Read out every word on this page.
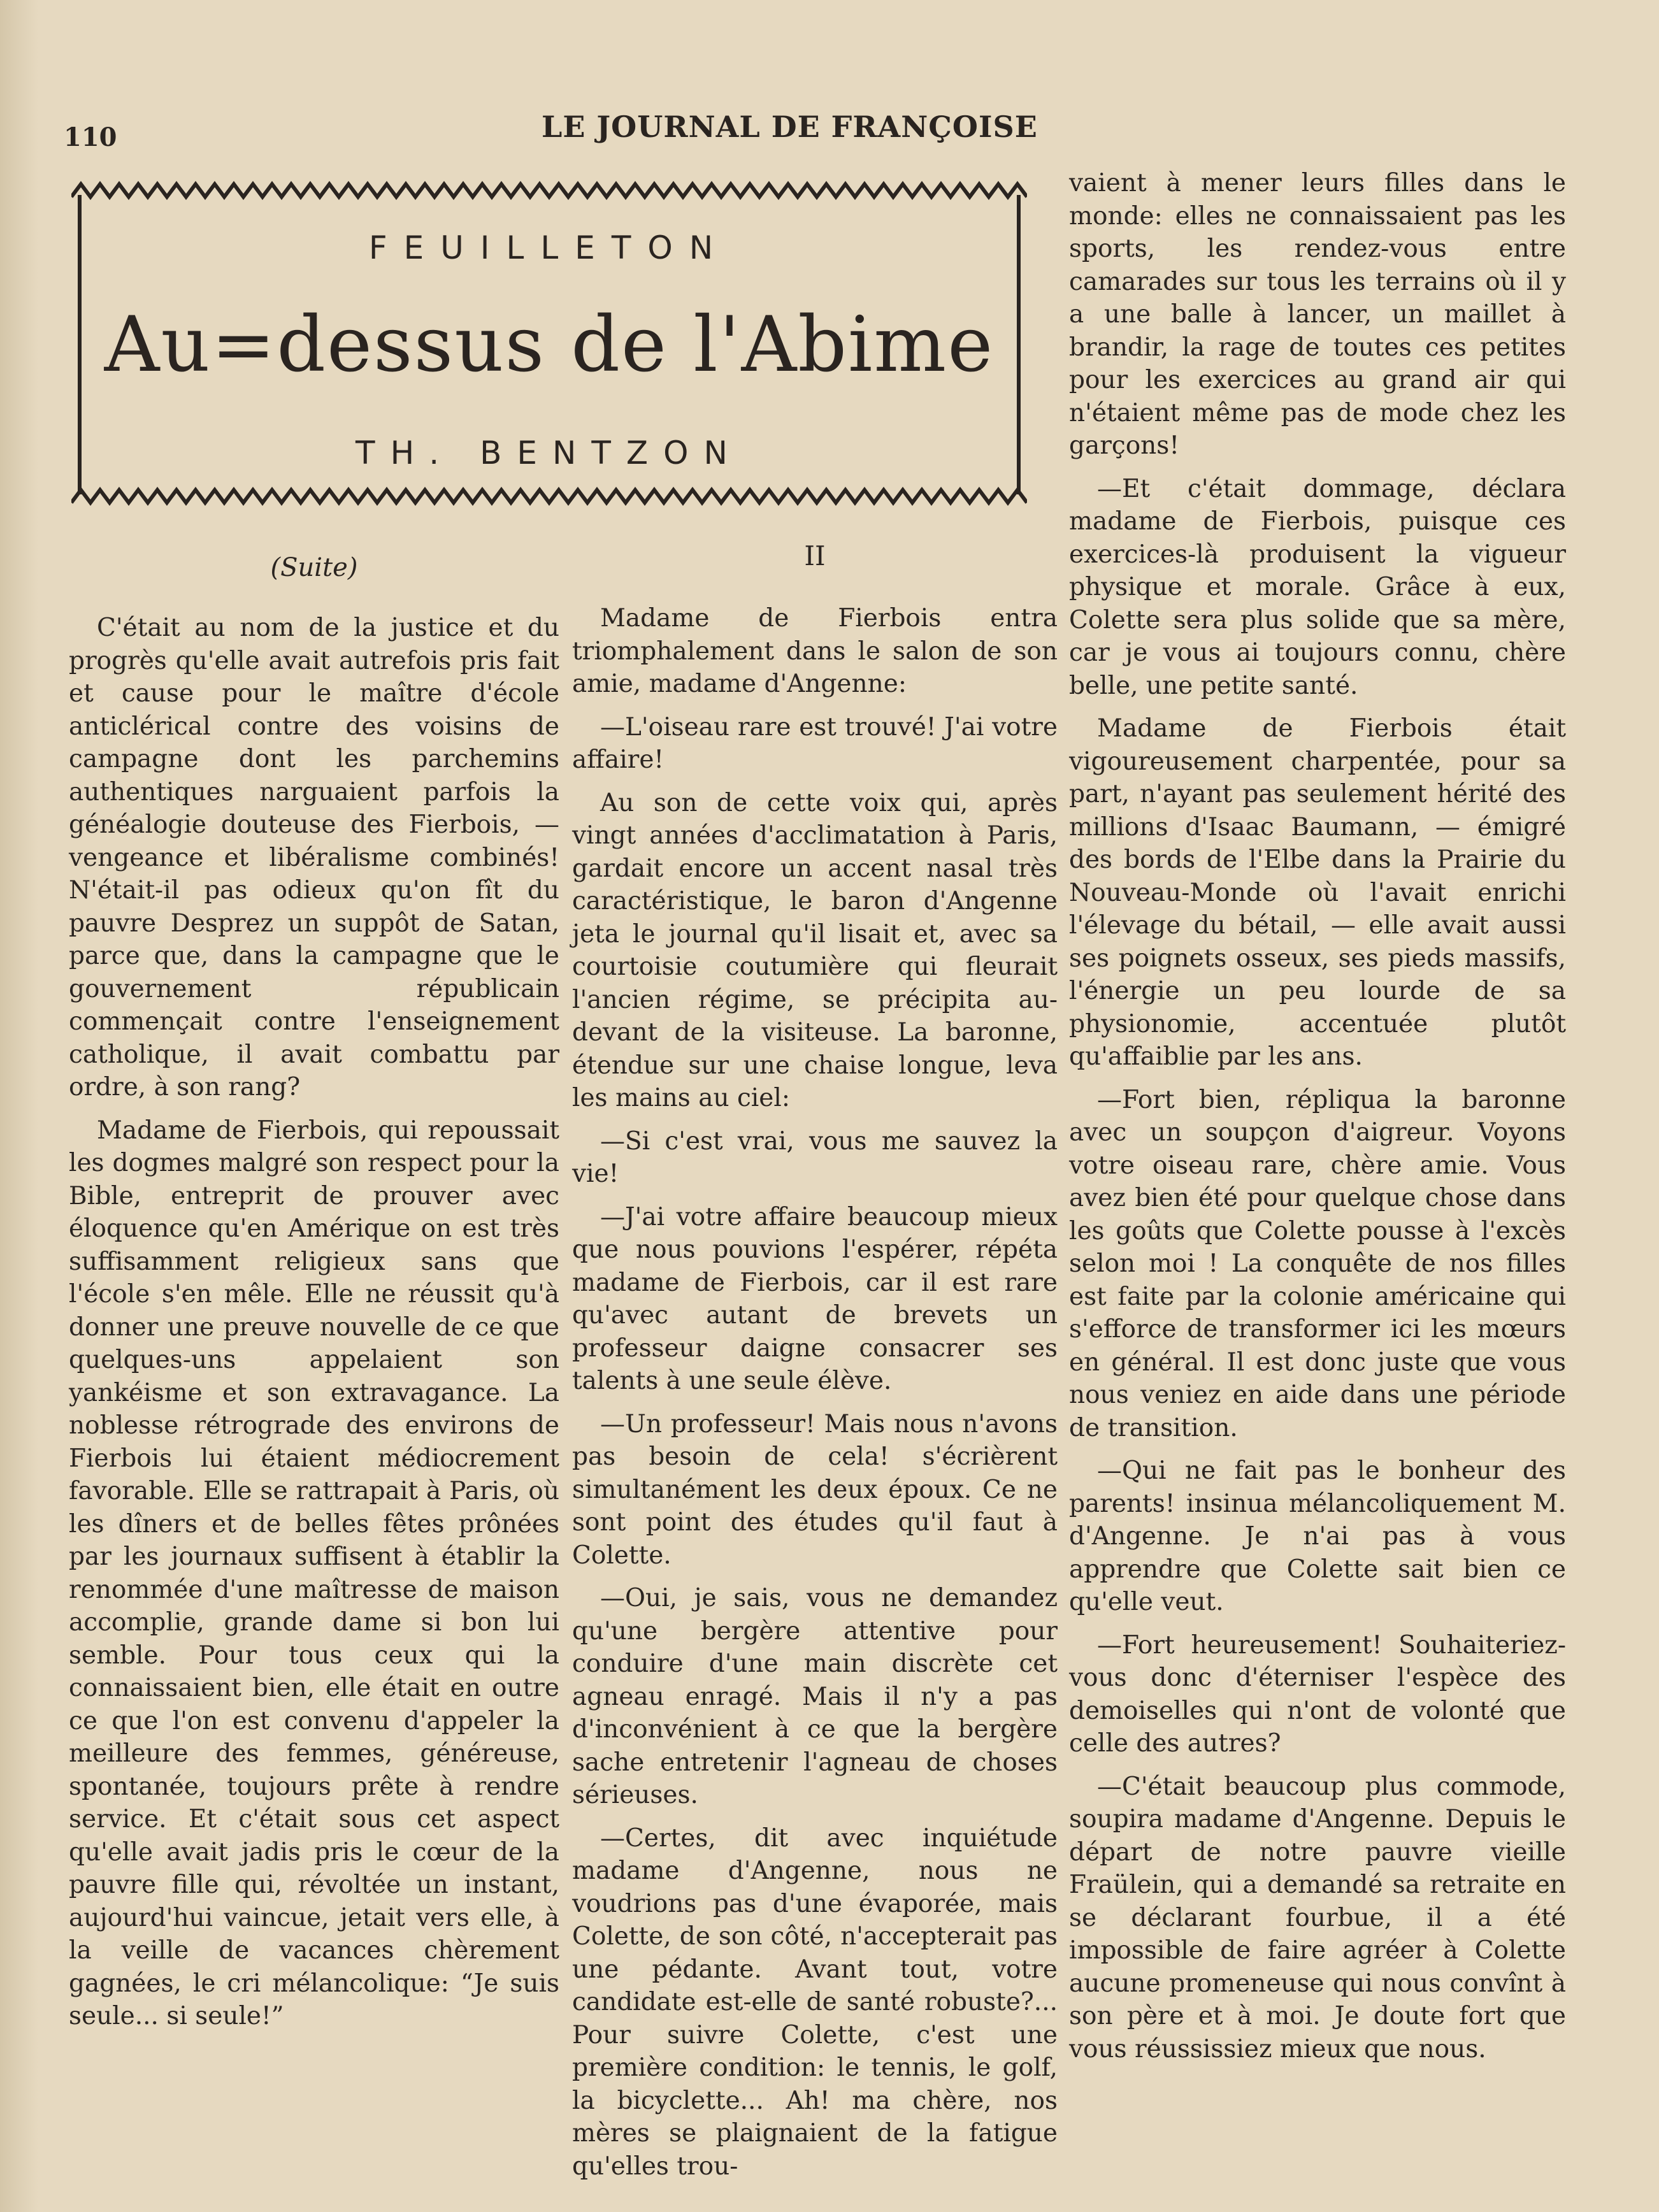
110	LE JOURNAL DE FRANÇOISE
FEUILLETON
Au=dessus de l'Abime
TH. BENTZON
(Suite)

C'était au nom de la justice et du progrès qu'elle avait autrefois pris fait et cause pour le maître d'école anticlérical contre des voisins de campagne dont les parchemins authentiques narguaient parfois la généalogie douteuse des Fierbois, — vengeance et libéralisme combinés! N'était-il pas odieux qu'on fît du pauvre Desprez un suppôt de Satan, parce que, dans la campagne que le gouvernement républicain commençait contre l'enseignement catholique, il avait combattu par ordre, à son rang?

Madame de Fierbois, qui repoussait les dogmes malgré son respect pour la Bible, entreprit de prouver avec éloquence qu'en Amérique on est très suffisamment religieux sans que l'école s'en mêle. Elle ne réussit qu'à donner une preuve nouvelle de ce que quelques-uns appelaient son yankéisme et son extravagance. La noblesse rétrograde des environs de Fierbois lui étaient médiocrement favorable. Elle se rattrapait à Paris, où les dîners et de belles fêtes prônées par les journaux suffisent à établir la renommée d'une maîtresse de maison accomplie, grande dame si bon lui semble. Pour tous ceux qui la connaissaient bien, elle était en outre ce que l'on est convenu d'appeler la meilleure des femmes, généreuse, spontanée, toujours prête à rendre service. Et c'était sous cet aspect qu'elle avait jadis pris le cœur de la pauvre fille qui, révoltée un instant, aujourd'hui vaincue, jetait vers elle, à la veille de vacances chèrement gagnées, le cri mélancolique: “Je suis seule... si seule!”

II

Madame de Fierbois entra triomphalement dans le salon de son amie, madame d'Angenne:

—L'oiseau rare est trouvé! J'ai votre affaire!

Au son de cette voix qui, après vingt années d'acclimatation à Paris, gardait encore un accent nasal très caractéristique, le baron d'Angenne jeta le journal qu'il lisait et, avec sa courtoisie coutumière qui fleurait l'ancien régime, se précipita au-devant de la visiteuse. La baronne, étendue sur une chaise longue, leva les mains au ciel:

—Si c'est vrai, vous me sauvez la vie!

—J'ai votre affaire beaucoup mieux que nous pouvions l'espérer, répéta madame de Fierbois, car il est rare qu'avec autant de brevets un professeur daigne consacrer ses talents à une seule élève.

—Un professeur! Mais nous n'avons pas besoin de cela! s'écrièrent simultanément les deux époux. Ce ne sont point des études qu'il faut à Colette.

—Oui, je sais, vous ne demandez qu'une bergère attentive pour conduire d'une main discrète cet agneau enragé. Mais il n'y a pas d'inconvénient à ce que la bergère sache entretenir l'agneau de choses sérieuses.

—Certes, dit avec inquiétude madame d'Angenne, nous ne voudrions pas d'une évaporée, mais Colette, de son côté, n'accepterait pas une pédante. Avant tout, votre candidate est-elle de santé robuste?... Pour suivre Colette, c'est une première condition: le tennis, le golf, la bicyclette... Ah! ma chère, nos mères se plaignaient de la fatigue qu'elles trou-

vaient à mener leurs filles dans le monde: elles ne connaissaient pas les sports, les rendez-vous entre camarades sur tous les terrains où il y a une balle à lancer, un maillet à brandir, la rage de toutes ces petites pour les exercices au grand air qui n'étaient même pas de mode chez les garçons!

—Et c'était dommage, déclara madame de Fierbois, puisque ces exercices-là produisent la vigueur physique et morale. Grâce à eux, Colette sera plus solide que sa mère, car je vous ai toujours connu, chère belle, une petite santé.

Madame de Fierbois était vigoureusement charpentée, pour sa part, n'ayant pas seulement hérité des millions d'Isaac Baumann, — émigré des bords de l'Elbe dans la Prairie du Nouveau-Monde où l'avait enrichi l'élevage du bétail, — elle avait aussi ses poignets osseux, ses pieds massifs, l'énergie un peu lourde de sa physionomie, accentuée plutôt qu'affaiblie par les ans.

—Fort bien, répliqua la baronne avec un soupçon d'aigreur. Voyons votre oiseau rare, chère amie. Vous avez bien été pour quelque chose dans les goûts que Colette pousse à l'excès selon moi ! La conquête de nos filles est faite par la colonie américaine qui s'efforce de transformer ici les mœurs en général. Il est donc juste que vous nous veniez en aide dans une période de transition.

—Qui ne fait pas le bonheur des parents! insinua mélancoliquement M. d'Angenne. Je n'ai pas à vous apprendre que Colette sait bien ce qu'elle veut.

—Fort heureusement! Souhaiteriez-vous donc d'éterniser l'espèce des demoiselles qui n'ont de volonté que celle des autres?

—C'était beaucoup plus commode, soupira madame d'Angenne. Depuis le départ de notre pauvre vieille Fraülein, qui a demandé sa retraite en se déclarant fourbue, il a été impossible de faire agréer à Colette aucune promeneuse qui nous convînt à son père et à moi. Je doute fort que vous réussissiez mieux que nous.
